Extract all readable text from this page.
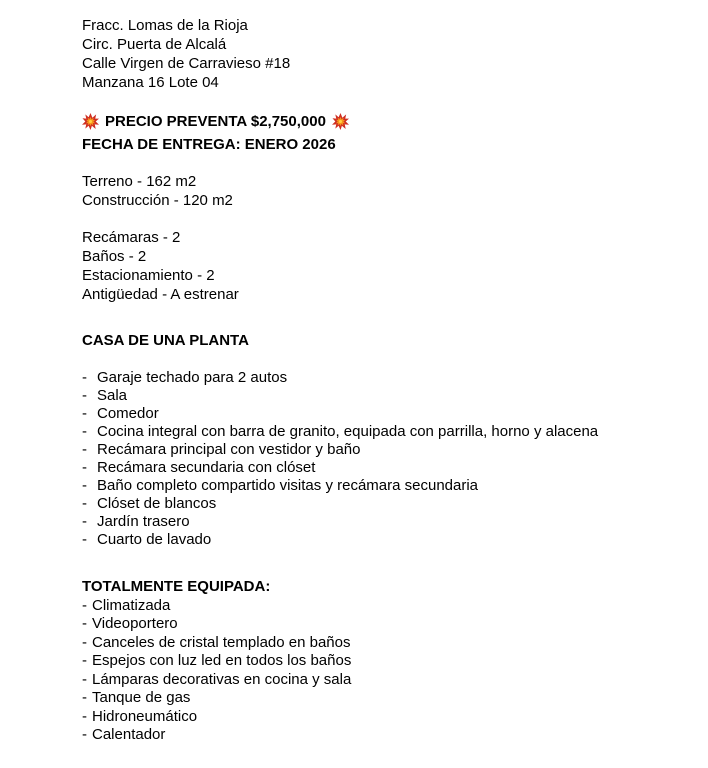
Fracc. Lomas de la Rioja

Circ. Puerta de Alcalá

Calle Virgen de Carravieso #18

Manzana 16 Lote 04

PRECIO PREVENTA $2,750,000

FECHA DE ENTREGA: ENERO 2026

Terreno - 162 m2

Construcción - 120 m2

Recámaras - 2

Baños - 2

Estacionamiento - 2

Antigüedad - A estrenar

CASA DE UNA PLANTA
- Garaje techado para 2 autos
- Sala
- Comedor
- Cocina integral con barra de granito, equipada con parrilla, horno y alacena
- Recámara principal con vestidor y baño
- Recámara secundaria con clóset
- Baño completo compartido visitas y recámara secundaria
- Clóset de blancos
- Jardín trasero
- Cuarto de lavado
TOTALMENTE EQUIPADA:

- Climatizada

- Videoportero

- Canceles de cristal templado en baños

- Espejos con luz led en todos los baños

- Lámparas decorativas en cocina y sala

- Tanque de gas

- Hidroneumático

- Calentador
